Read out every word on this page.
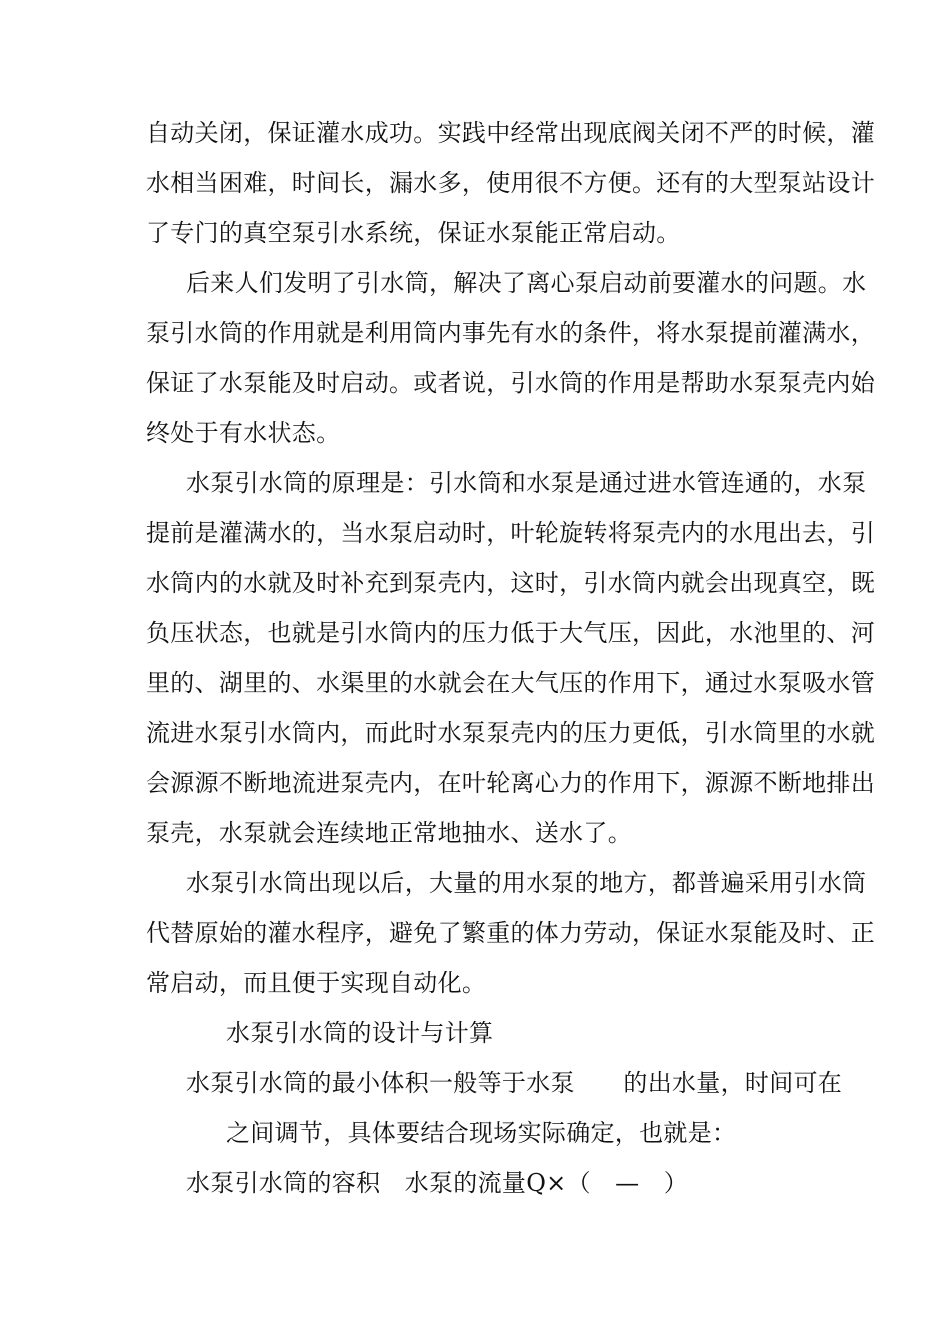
自动关闭，保证灌水成功。实践中经常出现底阀关闭不严的时候，灌
水相当困难，时间长，漏水多，使用很不方便。还有的大型泵站设计
了专门的真空泵引水系统，保证水泵能正常启动。
后来人们发明了引水筒，解决了离心泵启动前要灌水的问题。水
泵引水筒的作用就是利用筒内事先有水的条件，将水泵提前灌满水，
保证了水泵能及时启动。或者说，引水筒的作用是帮助水泵泵壳内始
终处于有水状态。
水泵引水筒的原理是：引水筒和水泵是通过进水管连通的，水泵
提前是灌满水的，当水泵启动时，叶轮旋转将泵壳内的水甩出去，引
水筒内的水就及时补充到泵壳内，这时，引水筒内就会出现真空，既
负压状态，也就是引水筒内的压力低于大气压，因此，水池里的、河
里的、湖里的、水渠里的水就会在大气压的作用下，通过水泵吸水管
流进水泵引水筒内，而此时水泵泵壳内的压力更低，引水筒里的水就
会源源不断地流进泵壳内，在叶轮离心力的作用下，源源不断地排出
泵壳，水泵就会连续地正常地抽水、送水了。
水泵引水筒出现以后，大量的用水泵的地方，都普遍采用引水筒
代替原始的灌水程序，避免了繁重的体力劳动，保证水泵能及时、正
常启动，而且便于实现自动化。
水泵引水筒的设计与计算
水泵引水筒的最小体积一般等于水泵　　的出水量，时间可在
之间调节，具体要结合现场实际确定，也就是：
水泵引水筒的容积　水泵的流量Q×（　—　）
